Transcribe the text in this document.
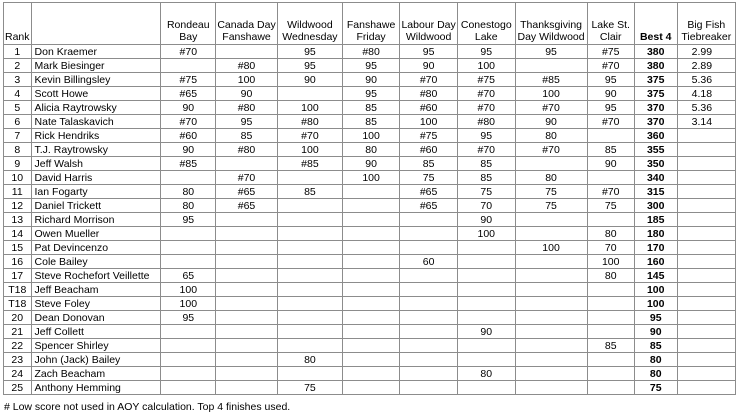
Rank		Rondeau Bay	Canada Day Fanshawe	Wildwood Wednesday	Fanshawe Friday	Labour Day Wildwood	Conestogo Lake	Thanksgiving Day Wildwood	Lake St. Clair	Best 4	Big Fish Tiebreaker
1	Don Kraemer	#70		95	#80	95	95	95	#75	380	2.99
2	Mark Biesinger		#80	95	95	90	100		#70	380	2.89
3	Kevin Billingsley	#75	100	90	90	#70	#75	#85	95	375	5.36
4	Scott Howe	#65	90		95	#80	#70	100	90	375	4.18
5	Alicia Raytrowsky	90	#80	100	85	#60	#70	#70	95	370	5.36
6	Nate Talaskavich	#70	95	#80	85	100	#80	90	#70	370	3.14
7	Rick Hendriks	#60	85	#70	100	#75	95	80		360	
8	T.J. Raytrowsky	90	#80	100	80	#60	#70	#70	85	355	
9	Jeff Walsh	#85		#85	90	85	85		90	350	
10	David Harris		#70		100	75	85	80		340	
11	Ian Fogarty	80	#65	85		#65	75	75	#70	315	
12	Daniel Trickett	80	#65			#65	70	75	75	300	
13	Richard Morrison	95					90			185	
14	Owen Mueller						100		80	180	
15	Pat Devincenzo							100	70	170	
16	Cole Bailey					60			100	160	
17	Steve Rochefort Veillette	65							80	145	
T18	Jeff Beacham	100								100	
T18	Steve Foley	100								100	
20	Dean Donovan	95								95	
21	Jeff Collett						90			90	
22	Spencer Shirley								85	85	
23	John (Jack) Bailey			80						80	
24	Zach Beacham						80			80	
25	Anthony Hemming			75						75	
# Low score not used in AOY calculation. Top 4 finishes used.
